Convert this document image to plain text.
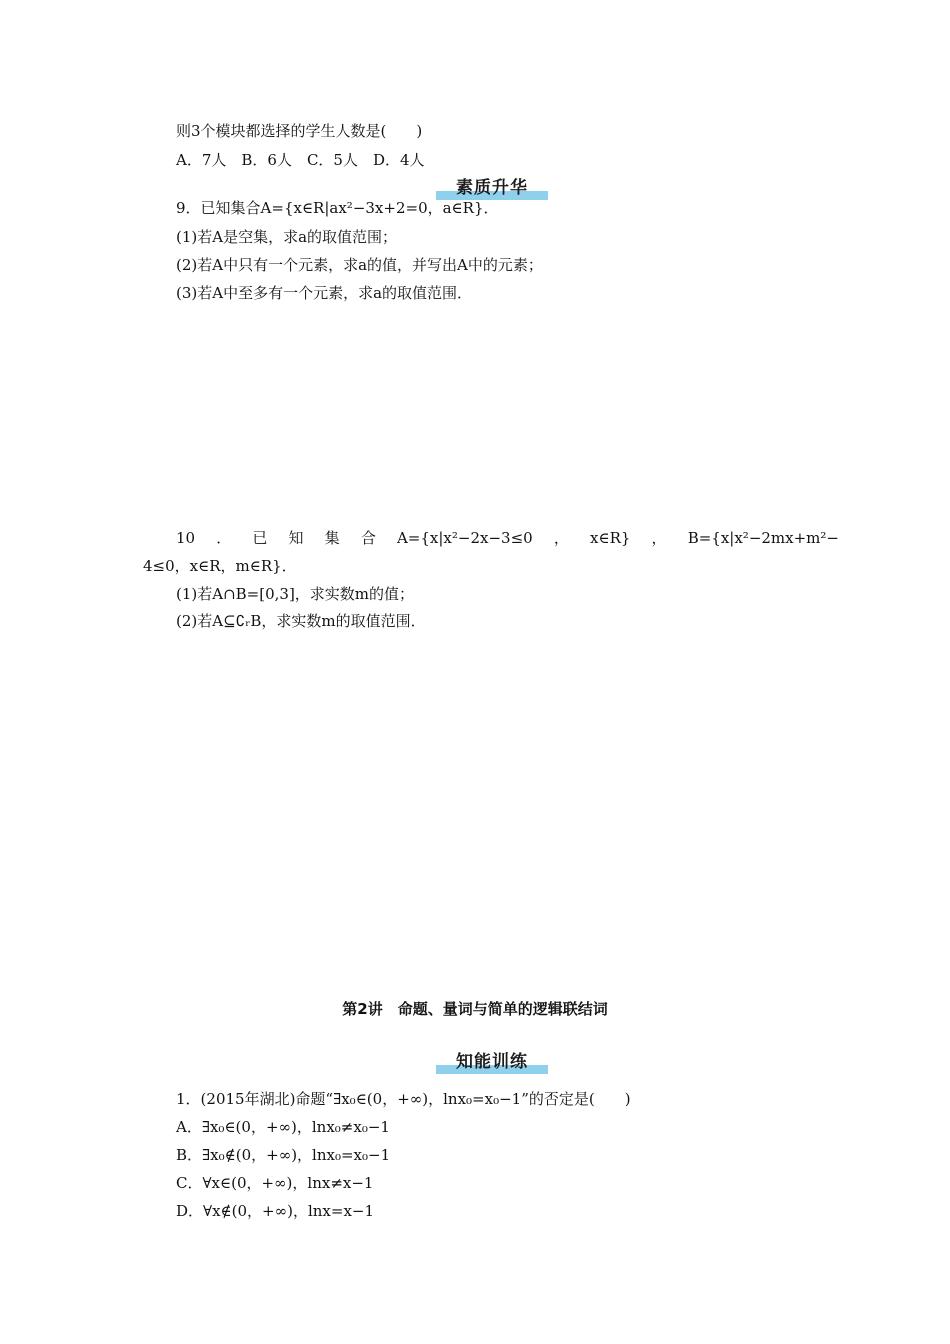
则3个模块都选择的学生人数是(　　)
A．7人　B．6人　C．5人　D．4人
素质升华
9．已知集合A={x∈R|ax²−3x+2=0，a∈R}．
(1)若A是空集，求a的取值范围；
(2)若A中只有一个元素，求a的值，并写出A中的元素；
(3)若A中至多有一个元素，求a的取值范围．
10．已知集合A={x|x²−2x−3≤0，x∈R}，B={x|x²−2mx+m²−
4≤0，x∈R，m∈R}．
(1)若A∩B=[0,3]，求实数m的值；
(2)若A⊆∁ᵣB，求实数m的取值范围．
第2讲　命题、量词与简单的逻辑联结词
知能训练
1．(2015年湖北)命题“∃x₀∈(0，+∞)，lnx₀=x₀−1”的否定是(　　)
A．∃x₀∈(0，+∞)，lnx₀≠x₀−1
B．∃x₀∉(0，+∞)，lnx₀=x₀−1
C．∀x∈(0，+∞)，lnx≠x−1
D．∀x∉(0，+∞)，lnx=x−1
